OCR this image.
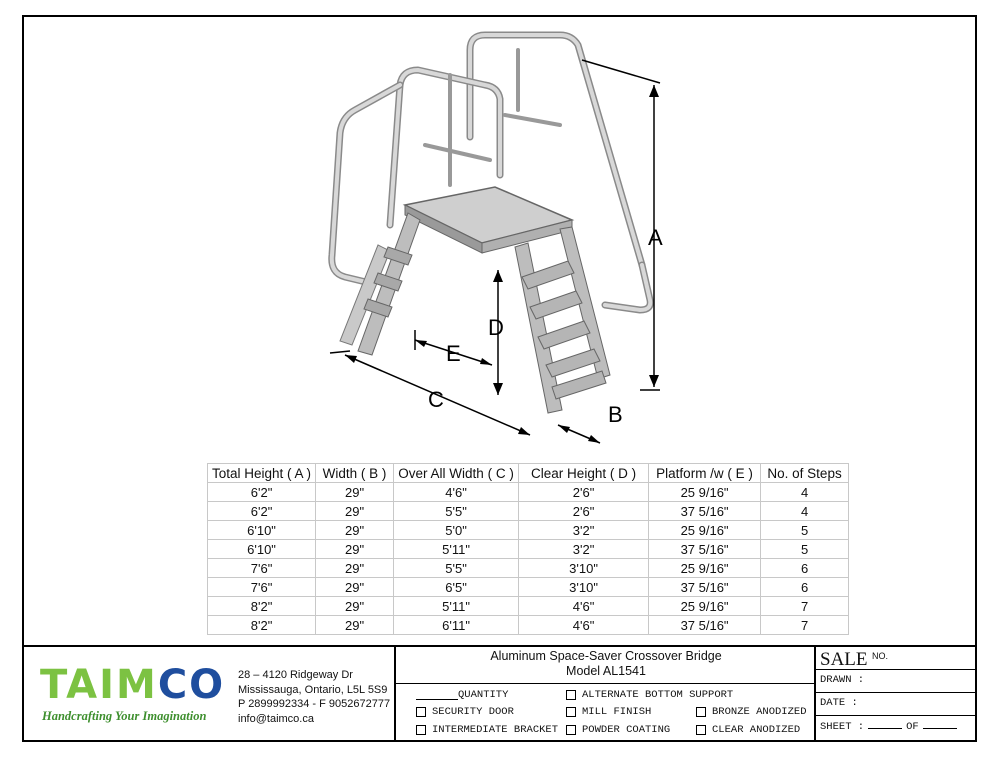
A
B
C
D
E
Total Height ( A )	Width ( B )	Over All Width ( C )	Clear Height ( D )	Platform /w ( E )	No. of Steps
6'2"	29"	4'6"	2'6"	25 9/16"	4
6'2"	29"	5'5"	2'6"	37 5/16"	4
6'10"	29"	5'0"	3'2"	25 9/16"	5
6'10"	29"	5'11"	3'2"	37 5/16"	5
7'6"	29"	5'5"	3'10"	25 9/16"	6
7'6"	29"	6'5"	3'10"	37 5/16"	6
8'2"	29"	5'11"	4'6"	25 9/16"	7
8'2"	29"	6'11"	4'6"	37 5/16"	7
TAIMCO
Handcrafting Your Imagination
28 – 4120 Ridgeway Dr
Mississauga, Ontario, L5L 5S9
P 2899992334 - F 9052672777
info@taimco.ca
Aluminum Space-Saver Crossover Bridge
Model AL1541
QUANTITY
SECURITY DOOR
INTERMEDIATE BRACKET
ALTERNATE BOTTOM SUPPORT
MILL FINISH
POWDER COATING
BRONZE ANODIZED
CLEAR ANODIZED
SALE NO.
DRAWN :
DATE :
SHEET :	OF
